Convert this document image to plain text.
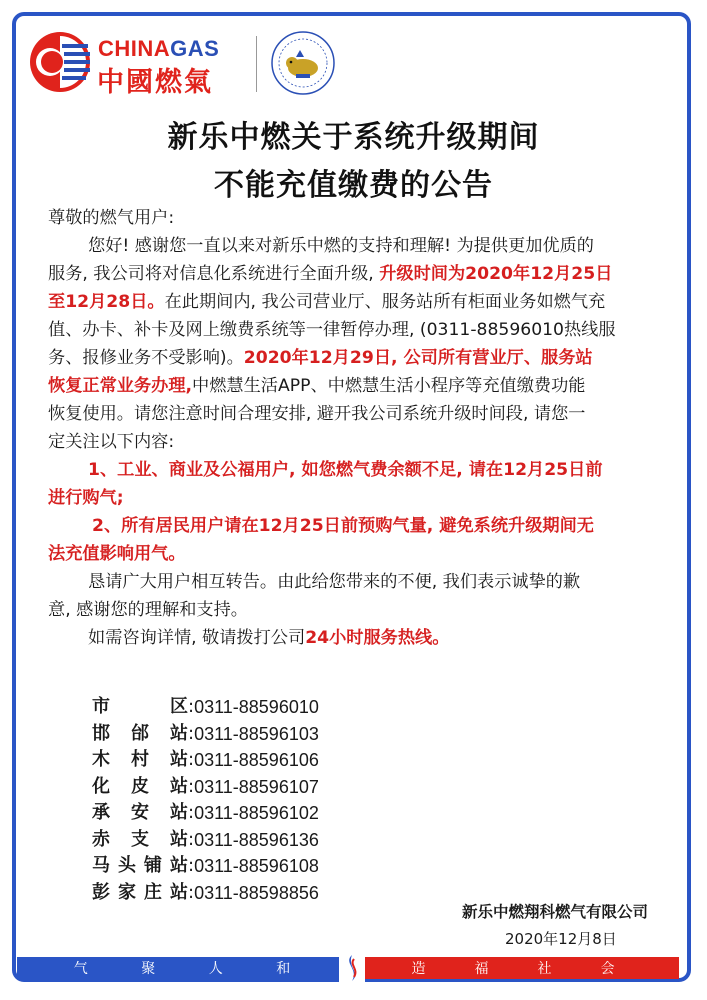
CHINAGAS
中國燃氣
新乐中燃关于系统升级期间
不能充值缴费的公告
尊敬的燃气用户:
您好! 感谢您一直以来对新乐中燃的支持和理解! 为提供更加优质的
服务, 我公司将对信息化系统进行全面升级, 升级时间为2020年12月25日
至12月28日。在此期间内, 我公司营业厅、服务站所有柜面业务如燃气充
值、办卡、补卡及网上缴费系统等一律暂停办理, (0311-88596010热线服
务、报修业务不受影响)。2020年12月29日, 公司所有营业厅、服务站
恢复正常业务办理,中燃慧生活APP、中燃慧生活小程序等充值缴费功能
恢复使用。请您注意时间合理安排, 避开我公司系统升级时间段, 请您一
定关注以下内容:
1、工业、商业及公福用户, 如您燃气费余额不足, 请在12月25日前
进行购气;
2、所有居民用户请在12月25日前预购气量, 避免系统升级期间无
法充值影响用气。
恳请广大用户相互转告。由此给您带来的不便, 我们表示诚挚的歉
意, 感谢您的理解和支持。
如需咨询详情, 敬请拨打公司24小时服务热线。
市区 : 0311-88596010
邯邰站 : 0311-88596103
木村站 : 0311-88596106
化皮站 : 0311-88596107
承安站 : 0311-88596102
赤支站 : 0311-88596136
马头铺站 : 0311-88596108
彭家庄站 : 0311-88598856
新乐中燃翔科燃气有限公司
2020年12月8日
气	聚	人	和	造	福	社	会
